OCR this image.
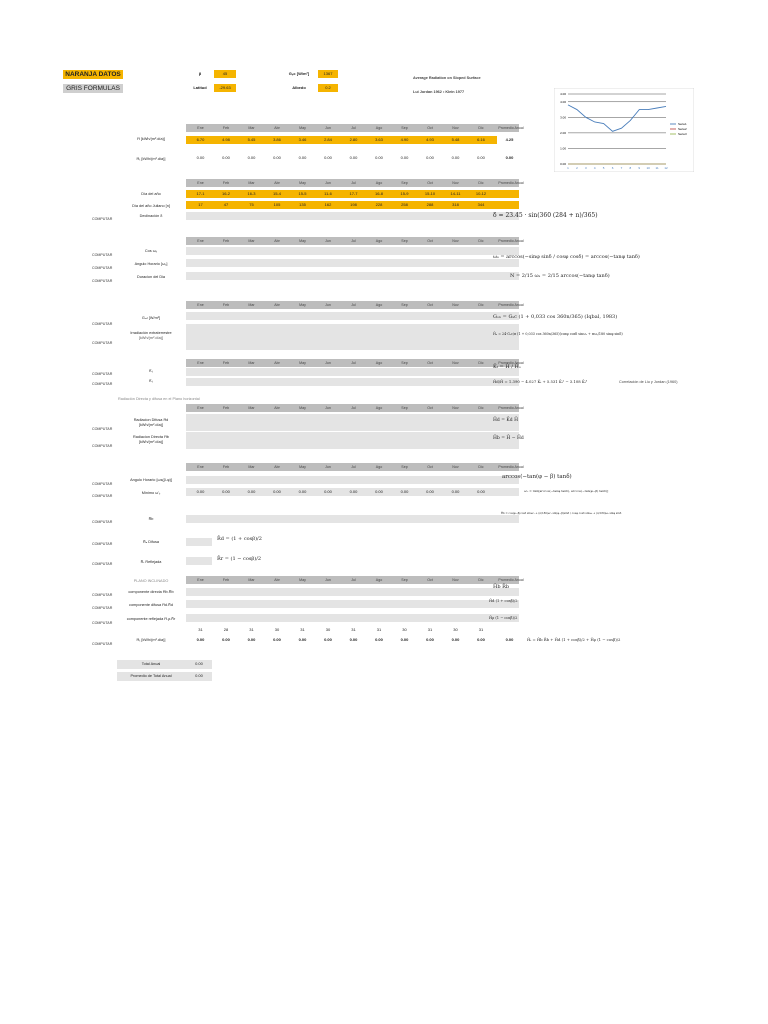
NARANJA DATOS
GRIS FORMULAS
β	45
Latitud	-29.63
Gₛc [W/m²]	1367
Albedo	0.2
Average Radiation on Sloped Surface
Lui Jordan 1962 • Klein 1977
0.00
1.00
2.00
3.00
4.00
4.00
1 2 3 4 5 6 7 8 9 10 11 12
Serie1
Serie2
Serie3
Ene	Feb	Mar	Abr	May	Jun	Jul	Ago	Sep	Oct	Nov	Dic	Promedio Anual
H̄ [kWh/(m².día)]	6.70	4.98	5.45	3.86	3.46	2.84	2.80	3.63	4.90	4.93	5.48	6.16	4.25
H̄ₜ [kWh/(m².día)]	0.00	0.00	0.00	0.00	0.00	0.00	0.00	0.00	0.00	0.00	0.00	0.00	0.00
Ene	Feb	Mar	Abr	May	Jun	Jul	Ago	Sep	Oct	Nov	Dic	Promedio Anual
Día del año	17-1	16-2	16-3	15-4	15-5	11-6	17-7	16-8	15-9	15-10	14-11	10-12
Día del año Juliano [n]	17	47	75	105	135	162	198	228	258	288	318	344
COMPUTAR
Declinación δ	δ = 23.45 · sin(360 (284 + n)/365)
Ene	Feb	Mar	Abr	May	Jun	Jul	Ago	Sep	Oct	Nov	Dic	Promedio Anual
COMPUTAR
Cos ωₛ
COMPUTAR
Angulo Horario [ωₛ]
COMPUTAR
Duracion del Dia
ωₛ = arccos(−sinφ sinδ / cosφ cosδ) = arccos(−tanφ tanδ)
N = 2/15 ωₛ = 2/15 arccos(−tanφ tanδ)
Ene	Feb	Mar	Abr	May	Jun	Jul	Ago	Sep	Oct	Nov	Dic	Promedio Anual
COMPUTAR
Gₒₙ [W/m²]
COMPUTAR
Irradiación extraterrestre
[kWh/(m².día)]
Gₒₙ = Gₛc (1 + 0,033 cos 360n/365) (Iqbal, 1983)
H̄ₒ = 24·Gₛc/π (1 + 0,033 cos 360n/365)(cosφ cosδ sinωₛ + πωₛ/180 sinφ sinδ)
Ene	Feb	Mar	Abr	May	Jun	Jul	Ago	Sep	Oct	Nov	Dic	Promedio Anual
COMPUTAR
K̄ₜ
COMPUTAR
K̄ₜ
K̄ₜ = H̄ / H̄ₒ
H̄d/H̄ = 1.390 − 4.027 K̄ₜ + 5.531 K̄ₜ² − 3.108 K̄ₜ³	Correlación de Liu y Jordan (1960)
Radiación Directa y difusa en el Plano horizontal
Ene	Feb	Mar	Abr	May	Jun	Jul	Ago	Sep	Oct	Nov	Dic	Promedio Anual
COMPUTAR
Radiacion Difusa H̄d
[kWh/(m².día)]
COMPUTAR
Radiacion Directa H̄b
[kWh/(m².día)]
H̄d = K̄d H̄
H̄b = H̄ − H̄d
Ene	Feb	Mar	Abr	May	Jun	Jul	Ago	Sep	Oct	Nov	Dic	Promedio Anual
COMPUTAR
Angulo Horario [ωs(β-φ)]
COMPUTAR
Mínimo ω'ₛ	0.00	0.00	0.00	0.00	0.00	0.00	0.00	0.00	0.00	0.00	0.00	0.00
arccos(−tan(φ − β) tanδ)
ω'ₛ = min[arccos(−tanφ tanδ), arccos(−tan(φ−β) tanδ)]
COMPUTAR
R̄b
R̄b = cos(φ−β)cosδ sinω'ₛ + (π/180)ω'ₛ sin(φ−β)sinδ / cosφ cosδ sinωₛ + (π/180)ωₛ sinφ sinδ
COMPUTAR	R̄ₐ Difusa	R̄d = (1 + cosβ)/2
COMPUTAR	R̄ᵣ Reflejada	R̄r = (1 − cosβ)/2
PLANO INCLINADO	Ene	Feb	Mar	Abr	May	Jun	Jul	Ago	Sep	Oct	Nov	Dic	Promedio Anual
COMPUTAR
componente directa H̄b.R̄b
COMPUTAR
componente difusa H̄d.R̄d
COMPUTAR
componente reflejada H̄.ρ.R̄r
31	28	31	30	31	30	31	31	30	31	30	31
COMPUTAR
H̄ₜ [kWh/(m².día)]	0.00	0.00	0.00	0.00	0.00	0.00	0.00	0.00	0.00	0.00	0.00	0.00	0.00
H̄b R̄b
H̄d (1 + cosβ)/2
H̄ρ (1 − cosβ)/2
H̄ₜ = H̄b R̄b + H̄d (1 + cosβ)/2 + H̄ρ (1 − cosβ)/2
Total Anual	0.00
Promedio de Total Anual	0.00
